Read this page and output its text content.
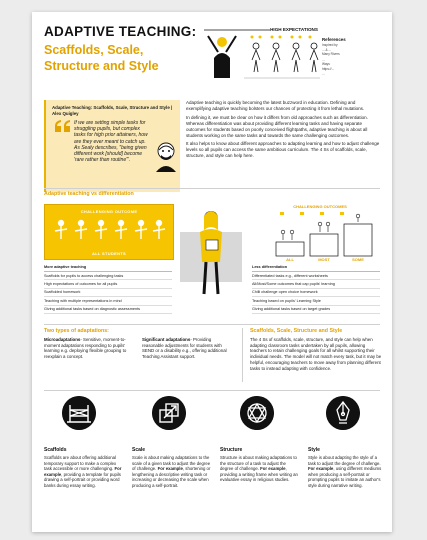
ADAPTIVE TEACHING:
Scaffolds, Scale,
Structure and Style
HIGH EXPECTATIONS
References
Inspired by
... & ...
Many Rivers
...
Ways
https://...
...
Adaptive Teaching: Scaffolds, Scale, Structure and Style | Alex Quigley
If we are setting simple tasks for struggling pupils, but complex tasks for high prior attainers, how are they ever meant to catch up. As Sealy describes, "being given different work [should] become 'rare rather than routine'".

Adaptive teaching is quickly becoming the latest buzzword in education. Defining and exemplifying adaptive teaching bolsters our chances of protecting it from lethal mutations.

In defining it, we must be clear on how it differs from old approaches such as differentiation. Whereas differentiation was about providing different learning tasks and having separate outcomes for students based on poorly conceived flightpaths, adaptive teaching is about all students working on the same tasks and towards the same challenging outcomes.

It also helps to know about different approaches to adapting learning and how to adjust challenge levels so all pupils can access the same ambitious curriculum. The 4 Ss of scaffolds, scale, structure, and style can help here.

Adaptive teaching vs differentiation
CHALLENGING OUTCOME
ALL STUDENTS
CHALLENGING OUTCOMES
ALL	MOST	SOME
More adaptive teaching
Scaffolds for pupils to access challenging tasks
High expectations of outcomes for all pupils
Scaffolded homework
Teaching with multiple representations in mind
Giving additional tasks based on diagnostic assessments
Less differentiation
Differentiated tasks e.g., different worksheets
All/Most/Some outcomes that cap pupils' learning
Chilli challenge open choice homework
Teaching based on pupils' Learning Style
Giving additional tasks based on target grades
Two types of adaptations:
Microadaptations- Sensitive, moment-to-moment adaptations responding to pupils' learning e.g. deploying flexible grouping to reexplain a concept.
Significant adaptations- Providing reasonable adjustments for students with SEND or a disability e.g., offering additional Teaching Assistant support.
Scaffolds, Scale, Structure and Style
The 4 Ss of scaffolds, scale, structure, and style can help when adapting classroom tasks undertaken by all pupils, allowing teachers to retain challenging goals for all whilst supporting their individual needs. The model will not match every task, but it may be helpful, encouraging teachers to move away from planning different tasks to instead adapting with confidence.
Scaffolds
Scaffolds are about offering additional temporary support to make a complex task accessible or more challenging. For example, providing a template for pupils drawing a self-portrait or providing word banks during essay writing.
Scale
Scale is about making adaptations to the scale of a given task to adjust the degree of challenge. For example, shortening or lengthening a descriptive writing task or increasing or decreasing the scale when producing a self-portrait.
Structure
Structure is about making adaptations to the structure of a task to adjust the degree of challenge. For example, providing a writing frame when writing an evaluative essay in religious studies.
Style
Style is about adapting the style of a task to adjust the degree of challenge. For example, using different mediums when producing a self-portrait or prompting pupils to imitate an author's style during narrative writing.
